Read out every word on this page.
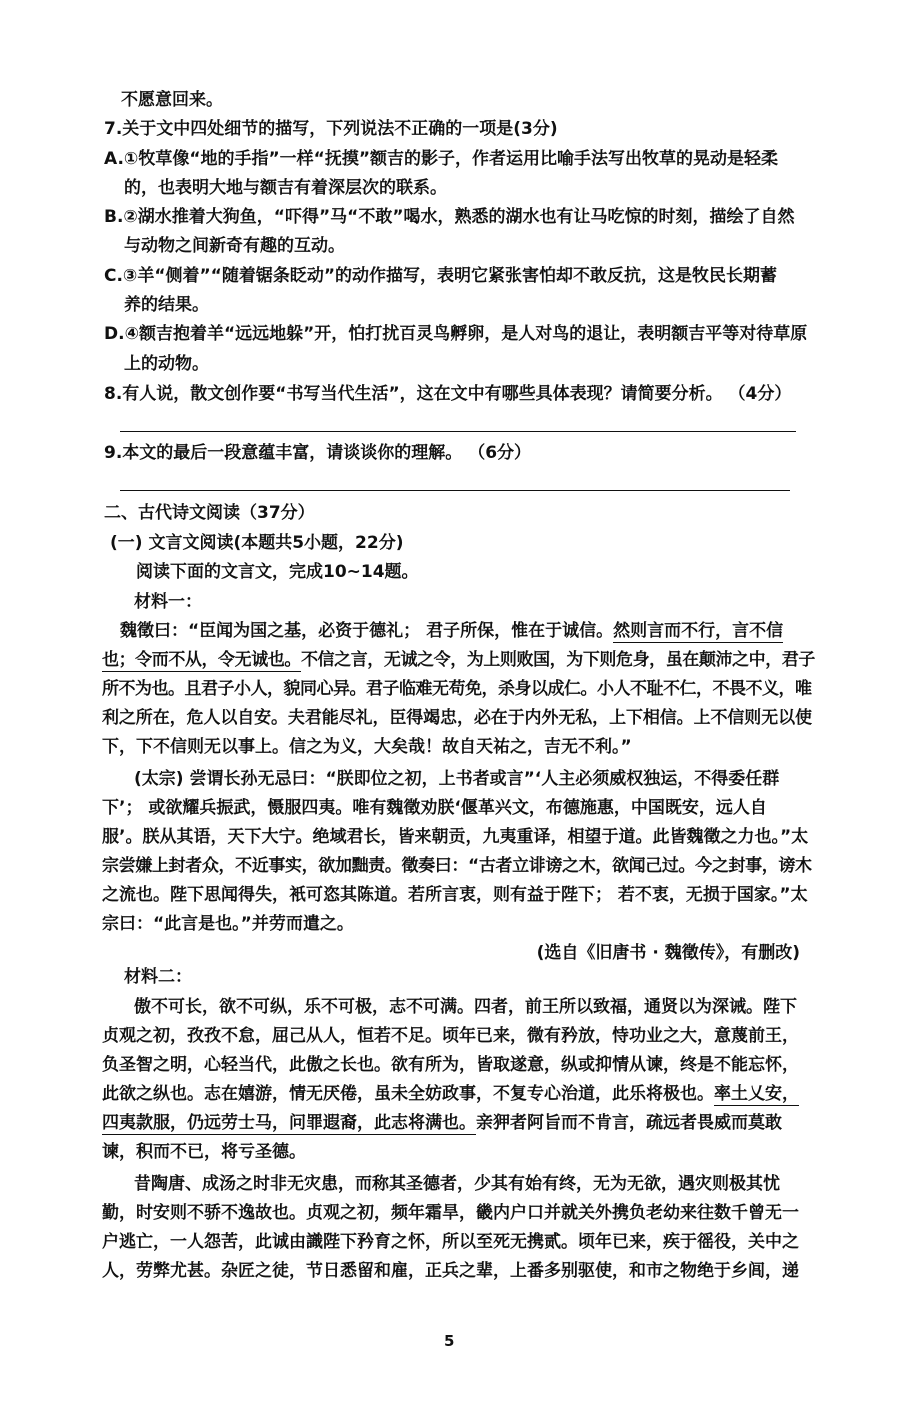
不愿意回来。
7.关于文中四处细节的描写，下列说法不正确的一项是(3分)
A.①牧草像“地的手指”一样“抚摸”额吉的影子，作者运用比喻手法写出牧草的晃动是轻柔
的，也表明大地与额吉有着深层次的联系。
B.②湖水推着大狗鱼，“吓得”马“不敢”喝水，熟悉的湖水也有让马吃惊的时刻，描绘了自然
与动物之间新奇有趣的互动。
C.③羊“侧着”“随着锯条眨动”的动作描写，表明它紧张害怕却不敢反抗，这是牧民长期蓄
养的结果。
D.④额吉抱着羊“远远地躲”开，怕打扰百灵鸟孵卵，是人对鸟的退让，表明额吉平等对待草原
上的动物。
8.有人说，散文创作要“书写当代生活”，这在文中有哪些具体表现？请简要分析。 （4分）
9.本文的最后一段意蕴丰富，请谈谈你的理解。 （6分）
二、古代诗文阅读（37分）
(一) 文言文阅读(本题共5小题，22分)
阅读下面的文言文，完成10~14题。
材料一：
魏徵曰：“臣闻为国之基，必资于德礼； 君子所保，惟在于诚信。然则言而不行，言不信
也；令而不从，令无诚也。不信之言，无诚之令，为上则败国，为下则危身，虽在颠沛之中，君子
所不为也。且君子小人，貌同心异。君子临难无苟免，杀身以成仁。小人不耻不仁，不畏不义，唯
利之所在，危人以自安。夫君能尽礼，臣得竭忠，必在于内外无私，上下相信。上不信则无以使
下，下不信则无以事上。信之为义，大矣哉！故自天祐之，吉无不利。”
(太宗) 尝谓长孙无忌曰：“朕即位之初，上书者或言”‘人主必须威权独运，不得委任群
下’； 或欲耀兵振武，慑服四夷。唯有魏徵劝朕‘偃革兴文，布德施惠，中国既安，远人自
服’。朕从其语，天下大宁。绝域君长，皆来朝贡，九夷重译，相望于道。此皆魏徵之力也。”太
宗尝嫌上封者众，不近事实，欲加黜责。徵奏曰：“古者立诽谤之木，欲闻己过。今之封事，谤木
之流也。陛下思闻得失，衹可恣其陈道。若所言衷，则有益于陛下； 若不衷，无损于国家。”太
宗曰：“此言是也。”并劳而遣之。
(选自《旧唐书 · 魏徵传》，有删改)
材料二：
傲不可长，欲不可纵，乐不可极，志不可满。四者，前王所以致福，通贤以为深诫。陛下
贞观之初，孜孜不怠，屈己从人，恒若不足。顷年已来，微有矜放，恃功业之大，意蔑前王，
负圣智之明，心轻当代，此傲之长也。欲有所为，皆取遂意，纵或抑情从谏，终是不能忘怀，
此欲之纵也。志在嬉游，情无厌倦，虽未全妨政事，不复专心治道，此乐将极也。率土乂安，
四夷款服，仍远劳士马，问罪遐裔，此志将满也。亲狎者阿旨而不肯言，疏远者畏威而莫敢
谏，积而不已，将亏圣德。
昔陶唐、成汤之时非无灾患，而称其圣德者，少其有始有终，无为无欲，遇灾则极其忧
勤，时安则不骄不逸故也。贞观之初，频年霜旱，畿内户口并就关外携负老幼来往数千曾无一
户逃亡，一人怨苦，此诚由識陛下矜育之怀，所以至死无携贰。顷年已来，疾于徭役，关中之
人，劳弊尤甚。杂匠之徒，节日悉留和雇，正兵之辈，上番多别驱使，和市之物绝于乡闾，递
5
